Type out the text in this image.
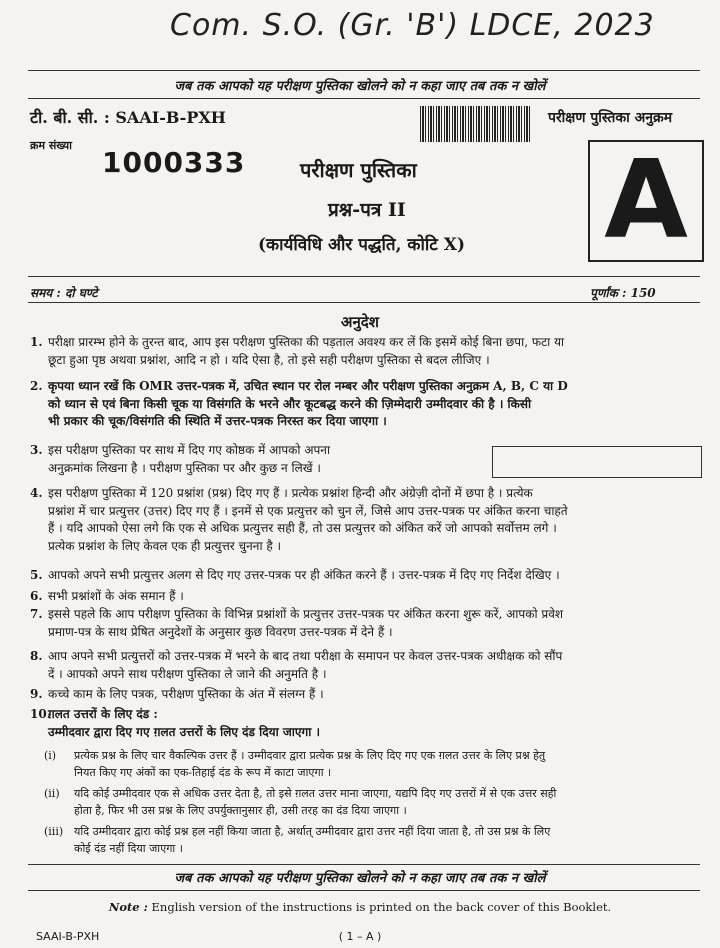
Com. S.O. (Gr. 'B') LDCE, 2023
जब तक आपको यह परीक्षण पुस्तिका खोलने को न कहा जाए तब तक न खोलें
टी. बी. सी. : SAAI-B-PXH	परीक्षण पुस्तिका अनुक्रम
क्रम संख्या
1000333	परीक्षण पुस्तिका
प्रश्न-पत्र II
(कार्यविधि और पद्धति, कोटि X) A
समय : दो घण्टे	पूर्णांक : 150
अनुदेश
1. परीक्षा प्रारम्भ होने के तुरन्त बाद, आप इस परीक्षण पुस्तिका की पड़ताल अवश्य कर लें कि इसमें कोई बिना छपा, फटा या
छूटा हुआ पृष्ठ अथवा प्रश्नांश, आदि न हो । यदि ऐसा है, तो इसे सही परीक्षण पुस्तिका से बदल लीजिए ।
2. कृपया ध्यान रखें कि OMR उत्तर-पत्रक में, उचित स्थान पर रोल नम्बर और परीक्षण पुस्तिका अनुक्रम A, B, C या D
को ध्यान से एवं बिना किसी चूक या विसंगति के भरने और कूटबद्ध करने की ज़िम्मेदारी उम्मीदवार की है । किसी
भी प्रकार की चूक/विसंगति की स्थिति में उत्तर-पत्रक निरस्त कर दिया जाएगा ।
3. इस परीक्षण पुस्तिका पर साथ में दिए गए कोष्ठक में आपको अपना
अनुक्रमांक लिखना है । परीक्षण पुस्तिका पर और कुछ न लिखें ।
4. इस परीक्षण पुस्तिका में 120 प्रश्नांश (प्रश्न) दिए गए हैं । प्रत्येक प्रश्नांश हिन्दी और अंग्रेज़ी दोनों में छपा है । प्रत्येक
प्रश्नांश में चार प्रत्युत्तर (उत्तर) दिए गए हैं । इनमें से एक प्रत्युत्तर को चुन लें, जिसे आप उत्तर-पत्रक पर अंकित करना चाहते
हैं । यदि आपको ऐसा लगे कि एक से अधिक प्रत्युत्तर सही हैं, तो उस प्रत्युत्तर को अंकित करें जो आपको सर्वोत्तम लगे ।
प्रत्येक प्रश्नांश के लिए केवल एक ही प्रत्युत्तर चुनना है ।
5. आपको अपने सभी प्रत्युत्तर अलग से दिए गए उत्तर-पत्रक पर ही अंकित करने हैं । उत्तर-पत्रक में दिए गए निर्देश देखिए ।
6. सभी प्रश्नांशों के अंक समान हैं ।
7. इससे पहले कि आप परीक्षण पुस्तिका के विभिन्न प्रश्नांशों के प्रत्युत्तर उत्तर-पत्रक पर अंकित करना शुरू करें, आपको प्रवेश
प्रमाण-पत्र के साथ प्रेषित अनुदेशों के अनुसार कुछ विवरण उत्तर-पत्रक में देने हैं ।
8. आप अपने सभी प्रत्युत्तरों को उत्तर-पत्रक में भरने के बाद तथा परीक्षा के समापन पर केवल उत्तर-पत्रक अधीक्षक को सौंप
दें । आपको अपने साथ परीक्षण पुस्तिका ले जाने की अनुमति है ।
9. कच्चे काम के लिए पत्रक, परीक्षण पुस्तिका के अंत में संलग्न हैं ।
10.
ग़लत उत्तरों के लिए दंड :
उम्मीदवार द्वारा दिए गए ग़लत उत्तरों के लिए दंड दिया जाएगा ।
(i) प्रत्येक प्रश्न के लिए चार वैकल्पिक उत्तर हैं । उम्मीदवार द्वारा प्रत्येक प्रश्न के लिए दिए गए एक ग़लत उत्तर के लिए प्रश्न हेतु
नियत किए गए अंकों का एक-तिहाई दंड के रूप में काटा जाएगा ।
(ii) यदि कोई उम्मीदवार एक से अधिक उत्तर देता है, तो इसे ग़लत उत्तर माना जाएगा, यद्यपि दिए गए उत्तरों में से एक उत्तर सही
होता है, फिर भी उस प्रश्न के लिए उपर्युक्तानुसार ही, उसी तरह का दंड दिया जाएगा ।
(iii) यदि उम्मीदवार द्वारा कोई प्रश्न हल नहीं किया जाता है, अर्थात् उम्मीदवार द्वारा उत्तर नहीं दिया जाता है, तो उस प्रश्न के लिए
कोई दंड नहीं दिया जाएगा ।
जब तक आपको यह परीक्षण पुस्तिका खोलने को न कहा जाए तब तक न खोलें
Note : English version of the instructions is printed on the back cover of this Booklet.
SAAI-B-PXH	( 1 – A )
